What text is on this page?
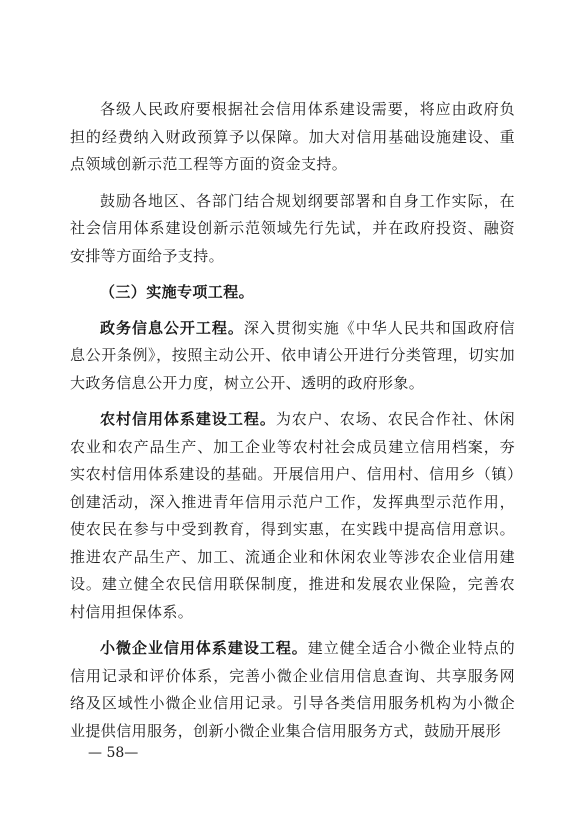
各级人民政府要根据社会信用体系建设需要，将应由政府负担的经费纳入财政预算予以保障。加大对信用基础设施建设、重点领域创新示范工程等方面的资金支持。

鼓励各地区、各部门结合规划纲要部署和自身工作实际，在社会信用体系建设创新示范领域先行先试，并在政府投资、融资安排等方面给予支持。

（三）实施专项工程。

政务信息公开工程。深入贯彻实施《中华人民共和国政府信息公开条例》，按照主动公开、依申请公开进行分类管理，切实加大政务信息公开力度，树立公开、透明的政府形象。

农村信用体系建设工程。为农户、农场、农民合作社、休闲农业和农产品生产、加工企业等农村社会成员建立信用档案，夯实农村信用体系建设的基础。开展信用户、信用村、信用乡（镇）创建活动，深入推进青年信用示范户工作，发挥典型示范作用，使农民在参与中受到教育，得到实惠，在实践中提高信用意识。推进农产品生产、加工、流通企业和休闲农业等涉农企业信用建设。建立健全农民信用联保制度，推进和发展农业保险，完善农村信用担保体系。

小微企业信用体系建设工程。建立健全适合小微企业特点的信用记录和评价体系，完善小微企业信用信息查询、共享服务网络及区域性小微企业信用记录。引导各类信用服务机构为小微企业提供信用服务，创新小微企业集合信用服务方式，鼓励开展形

— 58—
